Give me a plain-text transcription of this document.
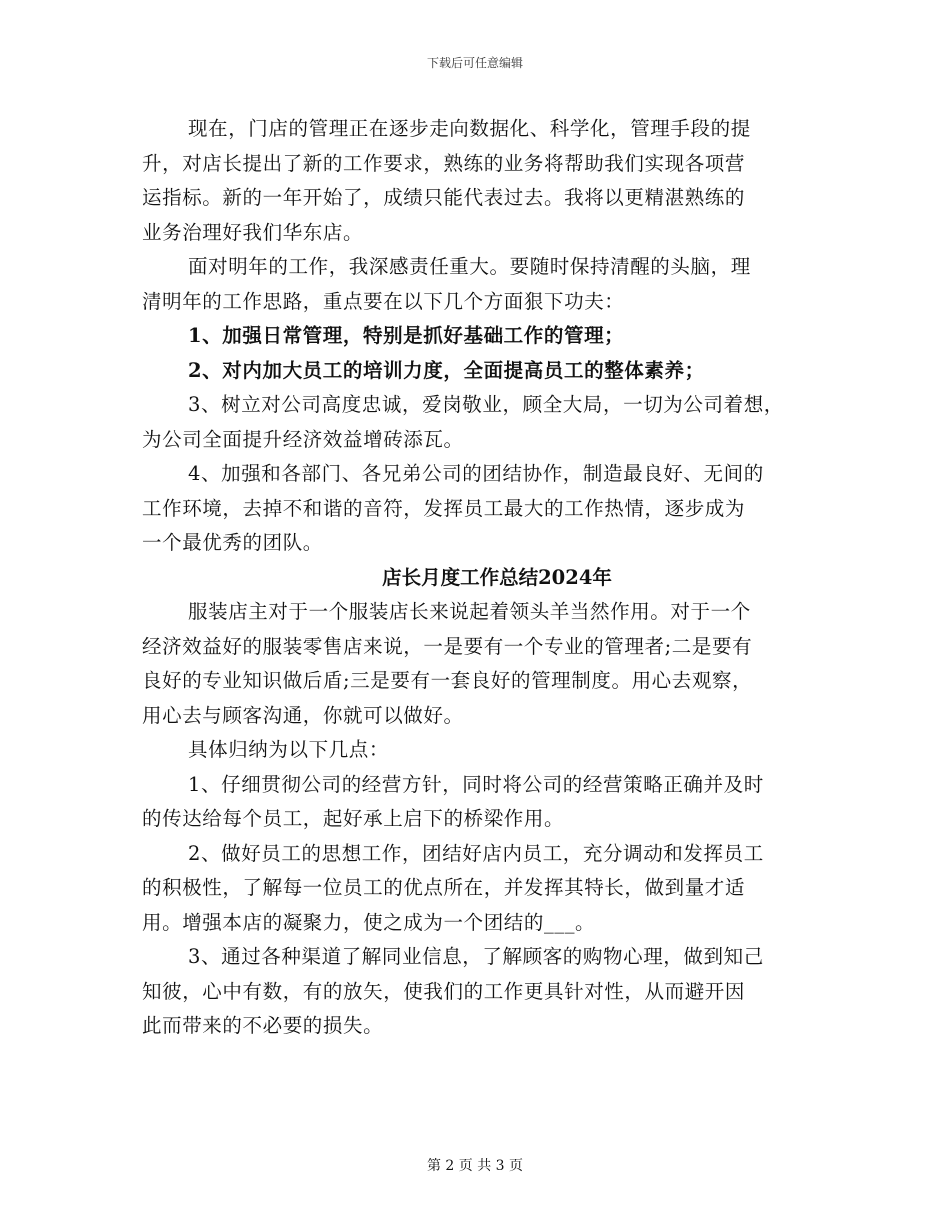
下载后可任意编辑
现在，门店的管理正在逐步走向数据化、科学化，管理手段的提
升，对店长提出了新的工作要求，熟练的业务将帮助我们实现各项营
运指标。新的一年开始了，成绩只能代表过去。我将以更精湛熟练的
业务治理好我们华东店。
面对明年的工作，我深感责任重大。要随时保持清醒的头脑，理
清明年的工作思路，重点要在以下几个方面狠下功夫：
1、加强日常管理，特别是抓好基础工作的管理；
2、对内加大员工的培训力度，全面提高员工的整体素养；
3、树立对公司高度忠诚，爱岗敬业，顾全大局，一切为公司着想，
为公司全面提升经济效益增砖添瓦。
4、加强和各部门、各兄弟公司的团结协作，制造最良好、无间的
工作环境，去掉不和谐的音符，发挥员工最大的工作热情，逐步成为
一个最优秀的团队。
店长月度工作总结2024年
服装店主对于一个服装店长来说起着领头羊当然作用。对于一个
经济效益好的服装零售店来说，一是要有一个专业的管理者;二是要有
良好的专业知识做后盾;三是要有一套良好的管理制度。用心去观察，
用心去与顾客沟通，你就可以做好。
具体归纳为以下几点：
1、仔细贯彻公司的经营方针，同时将公司的经营策略正确并及时
的传达给每个员工，起好承上启下的桥梁作用。
2、做好员工的思想工作，团结好店内员工，充分调动和发挥员工
的积极性，了解每一位员工的优点所在，并发挥其特长，做到量才适
用。增强本店的凝聚力，使之成为一个团结的___。
3、通过各种渠道了解同业信息，了解顾客的购物心理，做到知己
知彼，心中有数，有的放矢，使我们的工作更具针对性，从而避开因
此而带来的不必要的损失。
第 2 页 共 3 页
